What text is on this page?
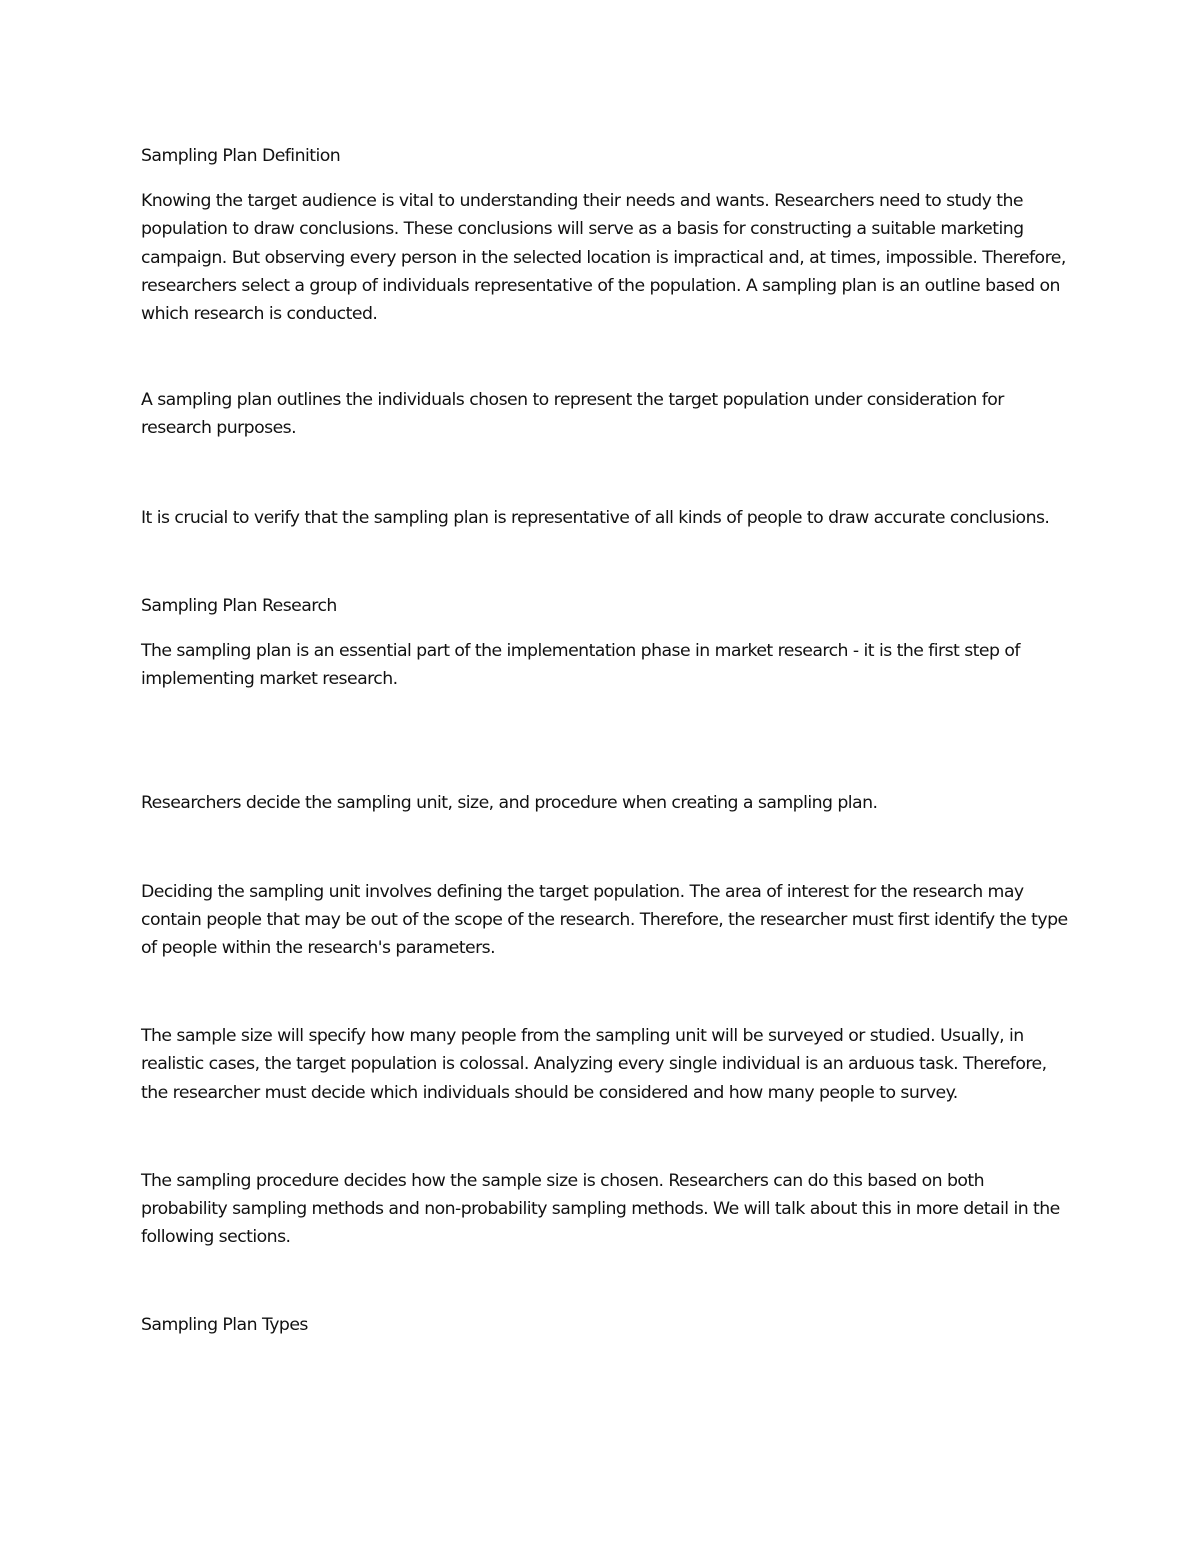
Sampling Plan Definition

Knowing the target audience is vital to understanding their needs and wants. Researchers need to study the population to draw conclusions. These conclusions will serve as a basis for constructing a suitable marketing campaign. But observing every person in the selected location is impractical and, at times, impossible. Therefore, researchers select a group of individuals representative of the population. A sampling plan is an outline based on which research is conducted.

A sampling plan outlines the individuals chosen to represent the target population under consideration for research purposes.

It is crucial to verify that the sampling plan is representative of all kinds of people to draw accurate conclusions.

Sampling Plan Research

The sampling plan is an essential part of the implementation phase in market research - it is the first step of implementing market research.

Researchers decide the sampling unit, size, and procedure when creating a sampling plan.

Deciding the sampling unit involves defining the target population. The area of interest for the research may contain people that may be out of the scope of the research. Therefore, the researcher must first identify the type of people within the research's parameters.

The sample size will specify how many people from the sampling unit will be surveyed or studied. Usually, in realistic cases, the target population is colossal. Analyzing every single individual is an arduous task. Therefore, the researcher must decide which individuals should be considered and how many people to survey.

The sampling procedure decides how the sample size is chosen. Researchers can do this based on both probability sampling methods and non-probability sampling methods. We will talk about this in more detail in the following sections.

Sampling Plan Types
